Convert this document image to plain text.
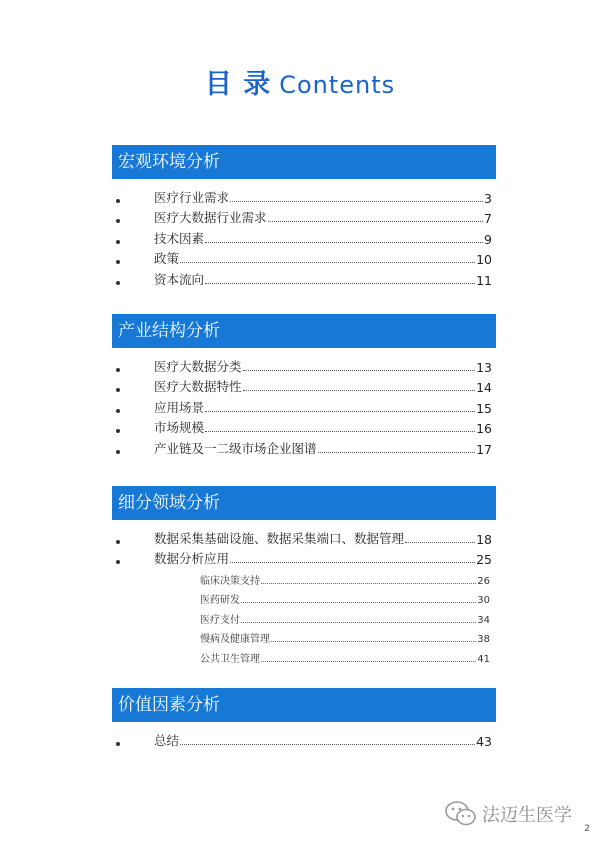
目 录 Contents
宏观环境分析
医疗行业需求	3
医疗大数据行业需求	7
技术因素	9
政策	10
资本流向	11
产业结构分析
医疗大数据分类	13
医疗大数据特性	14
应用场景	15
市场规模	16
产业链及一二级市场企业图谱	17
细分领域分析
数据采集基础设施、数据采集端口、数据管理	18
数据分析应用	25
临床决策支持	26
医药研发	30
医疗支付	34
慢病及健康管理	38
公共卫生管理	41
价值因素分析
总结	43
法迈生医学
2
